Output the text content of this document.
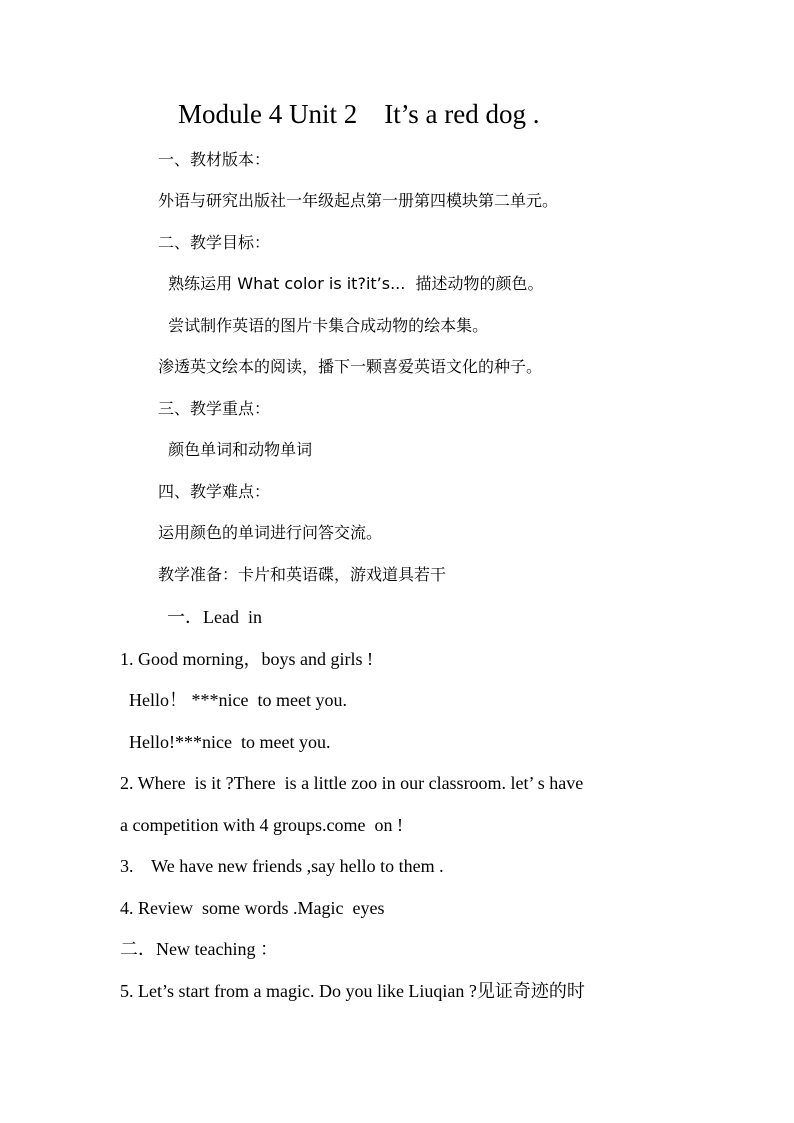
Module 4 Unit 2    It’s a red dog .
一、教材版本：
外语与研究出版社一年级起点第一册第四模块第二单元。
二、教学目标：
熟练运用 What color is it?it’s...  描述动物的颜色。
尝试制作英语的图片卡集合成动物的绘本集。
渗透英文绘本的阅读，播下一颗喜爱英语文化的种子。
三、教学重点：
颜色单词和动物单词
四、教学难点：
运用颜色的单词进行问答交流。
教学准备：卡片和英语碟，游戏道具若干
一．Lead  in
1. Good morning，boys and girls !
Hello！ ***nice  to meet you.
Hello!***nice  to meet you.
2. Where  is it ?There  is a little zoo in our classroom. let’ s have
a competition with 4 groups.come  on !
3.    We have new friends ,say hello to them .
4. Review  some words .Magic  eyes
二．New teaching ：
5. Let’s start from a magic. Do you like Liuqian ?见证奇迹的时
